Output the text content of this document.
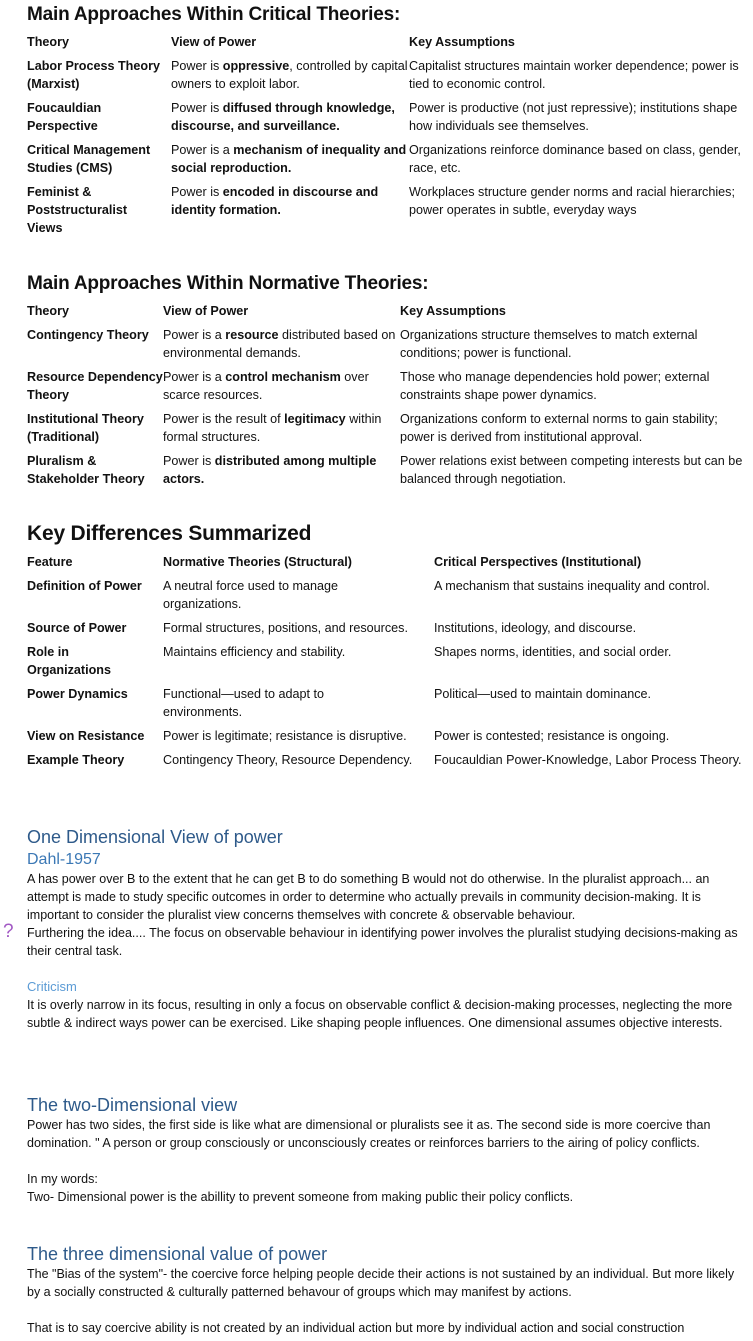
Main Approaches Within Critical Theories:
Theory	View of Power	Key Assumptions
Labor Process Theory (Marxist)	Power is oppressive, controlled by capital owners to exploit labor.	Capitalist structures maintain worker dependence; power is tied to economic control.
Foucauldian Perspective	Power is diffused through knowledge, discourse, and surveillance.	Power is productive (not just repressive); institutions shape how individuals see themselves.
Critical Management Studies (CMS)	Power is a mechanism of inequality and social reproduction.	Organizations reinforce dominance based on class, gender, race, etc.
Feminist & Poststructuralist Views	Power is encoded in discourse and identity formation.	Workplaces structure gender norms and racial hierarchies; power operates in subtle, everyday ways
Main Approaches Within Normative Theories:
Theory	View of Power	Key Assumptions
Contingency Theory	Power is a resource distributed based on environmental demands.	Organizations structure themselves to match external conditions; power is functional.
Resource Dependency Theory	Power is a control mechanism over scarce resources.	Those who manage dependencies hold power; external constraints shape power dynamics.
Institutional Theory (Traditional)	Power is the result of legitimacy within formal structures.	Organizations conform to external norms to gain stability; power is derived from institutional approval.
Pluralism & Stakeholder Theory	Power is distributed among multiple actors.	Power relations exist between competing interests but can be balanced through negotiation.
Key Differences Summarized
Feature	Normative Theories (Structural)	Critical Perspectives (Institutional)
Definition of Power	A neutral force used to manage organizations.	A mechanism that sustains inequality and control.
Source of Power	Formal structures, positions, and resources.	Institutions, ideology, and discourse.
Role in Organizations	Maintains efficiency and stability.	Shapes norms, identities, and social order.
Power Dynamics	Functional—used to adapt to environments.	Political—used to maintain dominance.
View on Resistance	Power is legitimate; resistance is disruptive.	Power is contested; resistance is ongoing.
Example Theory	Contingency Theory, Resource Dependency.	Foucauldian Power-Knowledge, Labor Process Theory.
One Dimensional View of power
Dahl-1957

A has power over B to the extent that he can get B to do something B would not do otherwise. In the pluralist approach... an attempt is made to study specific outcomes in order to determine who actually prevails in community decision-making. It is important to consider the pluralist view concerns themselves with concrete & observable behaviour.

? Furthering the idea.... The focus on observable behaviour in identifying power involves the pluralist studying decisions-making as their central task.

Criticism

It is overly narrow in its focus, resulting in only a focus on observable conflict & decision-making processes, neglecting the more subtle & indirect ways power can be exercised. Like shaping people influences. One dimensional assumes objective interests.

The two-Dimensional view

Power has two sides, the first side is like what are dimensional or pluralists see it as. The second side is more coercive than domination. " A person or group consciously or unconsciously creates or reinforces barriers to the airing of policy conflicts.

In my words:

Two- Dimensional power is the abillity to prevent someone from making public their policy conflicts.

The three dimensional value of power

The "Bias of the system"- the coercive force helping people decide their actions is not sustained by an individual. But more likely by a socially constructed & culturally patterned behavour of groups which may manifest by actions.

That is to say coercive ability is not created by an individual action but more by individual action and social construction
